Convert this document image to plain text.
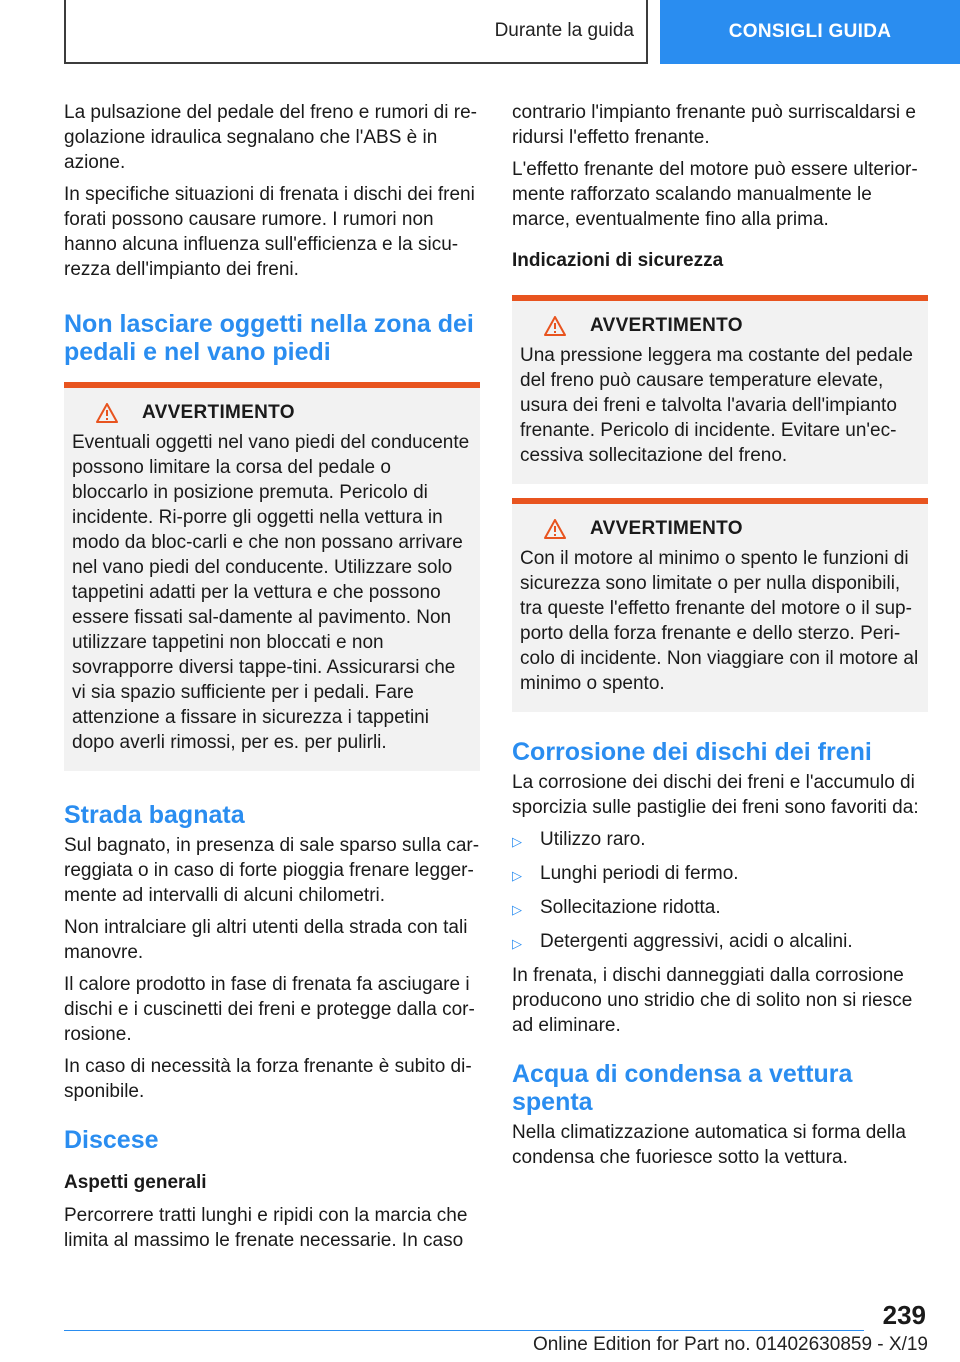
Durante la guida	CONSIGLI GUIDA

La pulsazione del pedale del freno e rumori di re-golazione idraulica segnalano che l'ABS è in azione.

In specifiche situazioni di frenata i dischi dei freni forati possono causare rumore. I rumori non hanno alcuna influenza sull'efficienza e la sicu-rezza dell'impianto dei freni.

Non lasciare oggetti nella zona dei pedali e nel vano piedi
AVVERTIMENTO

Eventuali oggetti nel vano piedi del conducente possono limitare la corsa del pedale o bloccarlo in posizione premuta. Pericolo di incidente. Ri-porre gli oggetti nella vettura in modo da bloc-carli e che non possano arrivare nel vano piedi del conducente. Utilizzare solo tappetini adatti per la vettura e che possono essere fissati sal-damente al pavimento. Non utilizzare tappetini non bloccati e non sovrapporre diversi tappe-tini. Assicurarsi che vi sia spazio sufficiente per i pedali. Fare attenzione a fissare in sicurezza i tappetini dopo averli rimossi, per es. per pulirli.

Strada bagnata

Sul bagnato, in presenza di sale sparso sulla car-reggiata o in caso di forte pioggia frenare legger-mente ad intervalli di alcuni chilometri.

Non intralciare gli altri utenti della strada con tali manovre.

Il calore prodotto in fase di frenata fa asciugare i dischi e i cuscinetti dei freni e protegge dalla cor-rosione.

In caso di necessità la forza frenante è subito di-sponibile.

Discese
Aspetti generali

Percorrere tratti lunghi e ripidi con la marcia che limita al massimo le frenate necessarie. In caso

contrario l'impianto frenante può surriscaldarsi e ridursi l'effetto frenante.

L'effetto frenante del motore può essere ulterior-mente rafforzato scalando manualmente le marce, eventualmente fino alla prima.

Indicazioni di sicurezza
AVVERTIMENTO

Una pressione leggera ma costante del pedale del freno può causare temperature elevate, usura dei freni e talvolta l'avaria dell'impianto frenante. Pericolo di incidente. Evitare un'ec-cessiva sollecitazione del freno.

AVVERTIMENTO

Con il motore al minimo o spento le funzioni di sicurezza sono limitate o per nulla disponibili, tra queste l'effetto frenante del motore o il sup-porto della forza frenante e dello sterzo. Peri-colo di incidente. Non viaggiare con il motore al minimo o spento.

Corrosione dei dischi dei freni

La corrosione dei dischi dei freni e l'accumulo di sporcizia sulle pastiglie dei freni sono favoriti da:

▷ Utilizzo raro.
▷ Lunghi periodi di fermo.
▷ Sollecitazione ridotta.
▷ Detergenti aggressivi, acidi o alcalini.

In frenata, i dischi danneggiati dalla corrosione producono uno stridio che di solito non si riesce ad eliminare.

Acqua di condensa a vettura spenta

Nella climatizzazione automatica si forma della condensa che fuoriesce sotto la vettura.

239
Online Edition for Part no. 01402630859 - X/19
